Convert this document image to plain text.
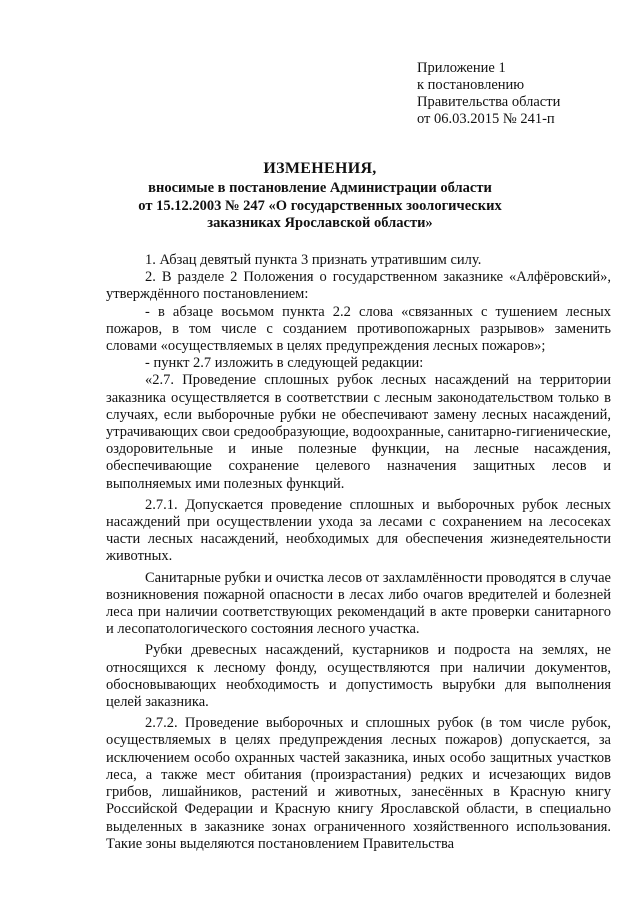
Приложение 1
к постановлению
Правительства области
от 06.03.2015 № 241-п
ИЗМЕНЕНИЯ,
вносимые в постановление Администрации области
от 15.12.2003 № 247 «О государственных зоологических
заказниках Ярославской области»

1. Абзац девятый пункта 3 признать утратившим силу.

2. В разделе 2 Положения о государственном заказнике «Алфёровский», утверждённого постановлением:

- в абзаце восьмом пункта 2.2 слова «связанных с тушением лесных пожаров, в том числе с созданием противопожарных разрывов» заменить словами «осуществляемых в целях предупреждения лесных пожаров»;

- пункт 2.7 изложить в следующей редакции:

«2.7. Проведение сплошных рубок лесных насаждений на территории заказника осуществляется в соответствии с лесным законодательством только в случаях, если выборочные рубки не обеспечивают замену лесных насаждений, утрачивающих свои средообразующие, водоохранные, санитарно-гигиенические, оздоровительные и иные полезные функции, на лесные насаждения, обеспечивающие сохранение целевого назначения защитных лесов и выполняемых ими полезных функций.

2.7.1. Допускается проведение сплошных и выборочных рубок лесных насаждений при осуществлении ухода за лесами с сохранением на лесосеках части лесных насаждений, необходимых для обеспечения жизнедеятельности животных.

Санитарные рубки и очистка лесов от захламлённости проводятся в случае возникновения пожарной опасности в лесах либо очагов вредителей и болезней леса при наличии соответствующих рекомендаций в акте проверки санитарного и лесопатологического состояния лесного участка.

Рубки древесных насаждений, кустарников и подроста на землях, не относящихся к лесному фонду, осуществляются при наличии документов, обосновывающих необходимость и допустимость вырубки для выполнения целей заказника.

2.7.2. Проведение выборочных и сплошных рубок (в том числе рубок, осуществляемых в целях предупреждения лесных пожаров) допускается, за исключением особо охранных частей заказника, иных особо защитных участков леса, а также мест обитания (произрастания) редких и исчезающих видов грибов, лишайников, растений и животных, занесённых в Красную книгу Российской Федерации и Красную книгу Ярославской области, в специально выделенных в заказнике зонах ограниченного хозяйственного использования. Такие зоны выделяются постановлением Правительства
